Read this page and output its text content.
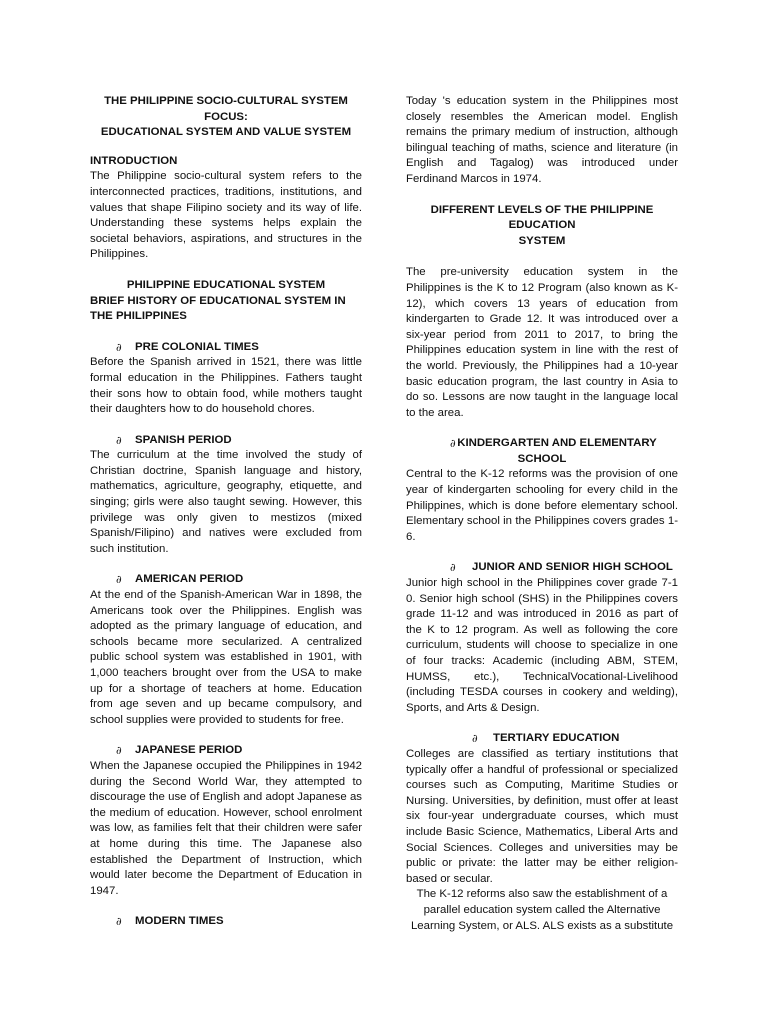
THE PHILIPPINE SOCIO-CULTURAL SYSTEM FOCUS:
EDUCATIONAL SYSTEM AND VALUE SYSTEM

INTRODUCTION

The Philippine socio-cultural system refers to the interconnected practices, traditions, institutions, and values that shape Filipino society and its way of life. Understanding these systems helps explain the societal behaviors, aspirations, and structures in the Philippines.

PHILIPPINE EDUCATIONAL SYSTEM

BRIEF HISTORY OF EDUCATIONAL SYSTEM IN THE PHILIPPINES

∂ PRE COLONIAL TIMES

Before the Spanish arrived in 1521, there was little formal education in the Philippines. Fathers taught their sons how to obtain food, while mothers taught their daughters how to do household chores.

∂ SPANISH PERIOD

The curriculum at the time involved the study of Christian doctrine, Spanish language and history, mathematics, agriculture, geography, etiquette, and singing; girls were also taught sewing. However, this privilege was only given to mestizos (mixed Spanish/Filipino) and natives were excluded from such institution.

∂ AMERICAN PERIOD

At the end of the Spanish-American War in 1898, the Americans took over the Philippines. English was adopted as the primary language of education, and schools became more secularized. A centralized public school system was established in 1901, with 1,000 teachers brought over from the USA to make up for a shortage of teachers at home. Education from age seven and up became compulsory, and school supplies were provided to students for free.

∂ JAPANESE PERIOD

When the Japanese occupied the Philippines in 1942 during the Second World War, they attempted to discourage the use of English and adopt Japanese as the medium of education. However, school enrolment was low, as families felt that their children were safer at home during this time. The Japanese also established the Department of Instruction, which would later become the Department of Education in 1947.

∂ MODERN TIMES

Today 's education system in the Philippines most closely resembles the American model. English remains the primary medium of instruction, although bilingual teaching of maths, science and literature (in English and Tagalog) was introduced under Ferdinand Marcos in 1974.

DIFFERENT LEVELS OF THE PHILIPPINE EDUCATION
SYSTEM

The pre-university education system in the Philippines is the K to 12 Program (also known as K-12), which covers 13 years of education from kindergarten to Grade 12. It was introduced over a six-year period from 2011 to 2017, to bring the Philippines education system in line with the rest of the world. Previously, the Philippines had a 10-year basic education program, the last country in Asia to do so. Lessons are now taught in the language local to the area.

∂ KINDERGARTEN AND ELEMENTARY
SCHOOL

Central to the K-12 reforms was the provision of one year of kindergarten schooling for every child in the Philippines, which is done before elementary school. Elementary school in the Philippines covers grades 1-6.

∂ JUNIOR AND SENIOR HIGH SCHOOL

Junior high school in the Philippines cover grade 7-1 0. Senior high school (SHS) in the Philippines covers grade 11-12 and was introduced in 2016 as part of the K to 12 program. As well as following the core curriculum, students will choose to specialize in one of four tracks: Academic (including ABM, STEM, HUMSS, etc.), TechnicalVocational-Livelihood (including TESDA courses in cookery and welding), Sports, and Arts & Design.

∂ TERTIARY EDUCATION

Colleges are classified as tertiary institutions that typically offer a handful of professional or specialized courses such as Computing, Maritime Studies or Nursing. Universities, by definition, must offer at least six four-year undergraduate courses, which must include Basic Science, Mathematics, Liberal Arts and Social Sciences. Colleges and universities may be public or private: the latter may be either religion-based or secular.

The K-12 reforms also saw the establishment of a parallel education system called the Alternative Learning System, or ALS. ALS exists as a substitute
